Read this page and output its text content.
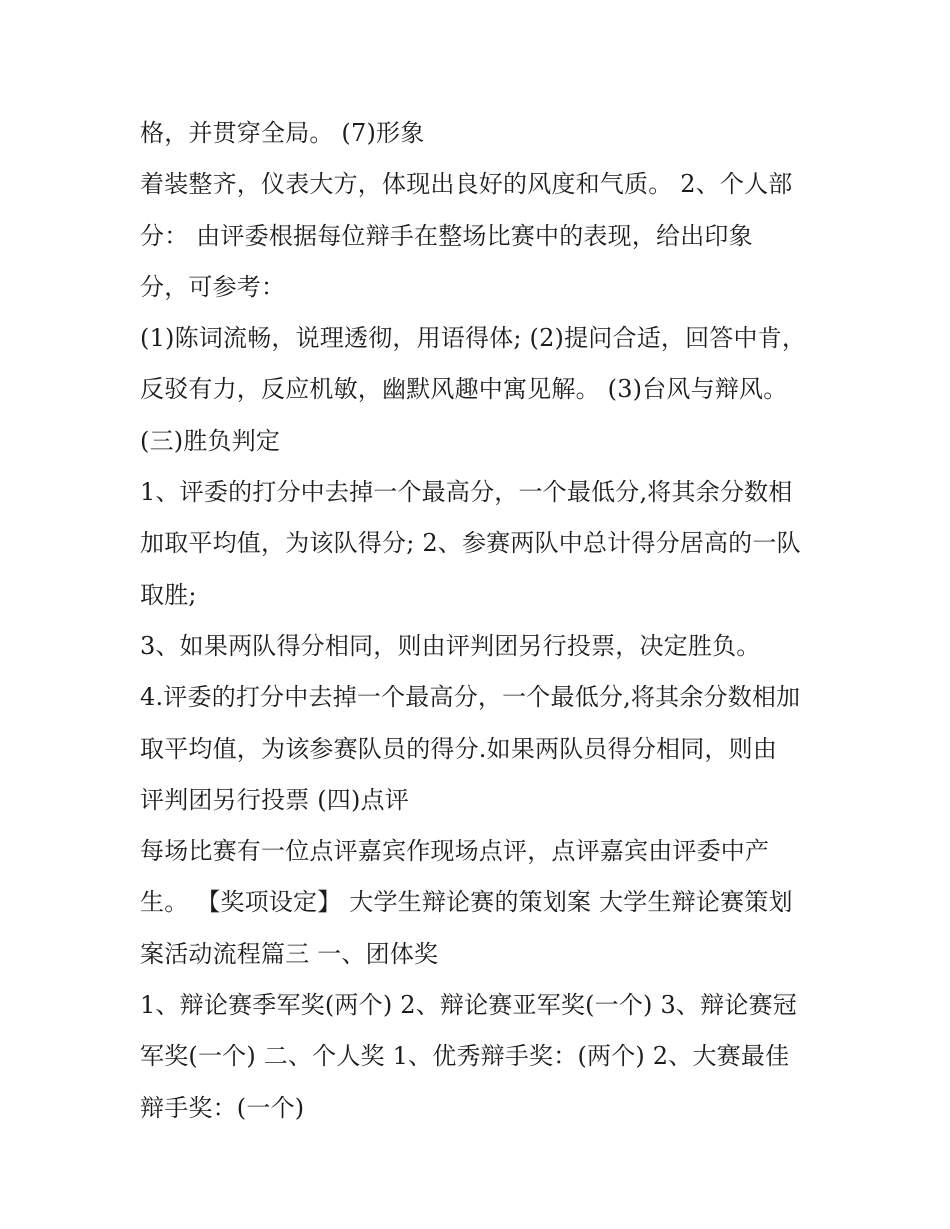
格，并贯穿全局。 (7)形象
着装整齐，仪表大方，体现出良好的风度和气质。 2、个人部
分： 由评委根据每位辩手在整场比赛中的表现，给出印象
分，可参考：
(1)陈词流畅，说理透彻，用语得体; (2)提问合适，回答中肯，
反驳有力，反应机敏，幽默风趣中寓见解。 (3)台风与辩风。
(三)胜负判定
1、评委的打分中去掉一个最高分，一个最低分,将其余分数相
加取平均值，为该队得分; 2、参赛两队中总计得分居高的一队
取胜;
3、如果两队得分相同，则由评判团另行投票，决定胜负。
4.评委的打分中去掉一个最高分，一个最低分,将其余分数相加
取平均值，为该参赛队员的得分.如果两队员得分相同，则由
评判团另行投票 (四)点评
每场比赛有一位点评嘉宾作现场点评，点评嘉宾由评委中产
生。 【奖项设定】 大学生辩论赛的策划案 大学生辩论赛策划
案活动流程篇三 一、团体奖
1、辩论赛季军奖(两个) 2、辩论赛亚军奖(一个) 3、辩论赛冠
军奖(一个) 二、个人奖 1、优秀辩手奖：(两个) 2、大赛最佳
辩手奖：(一个)
